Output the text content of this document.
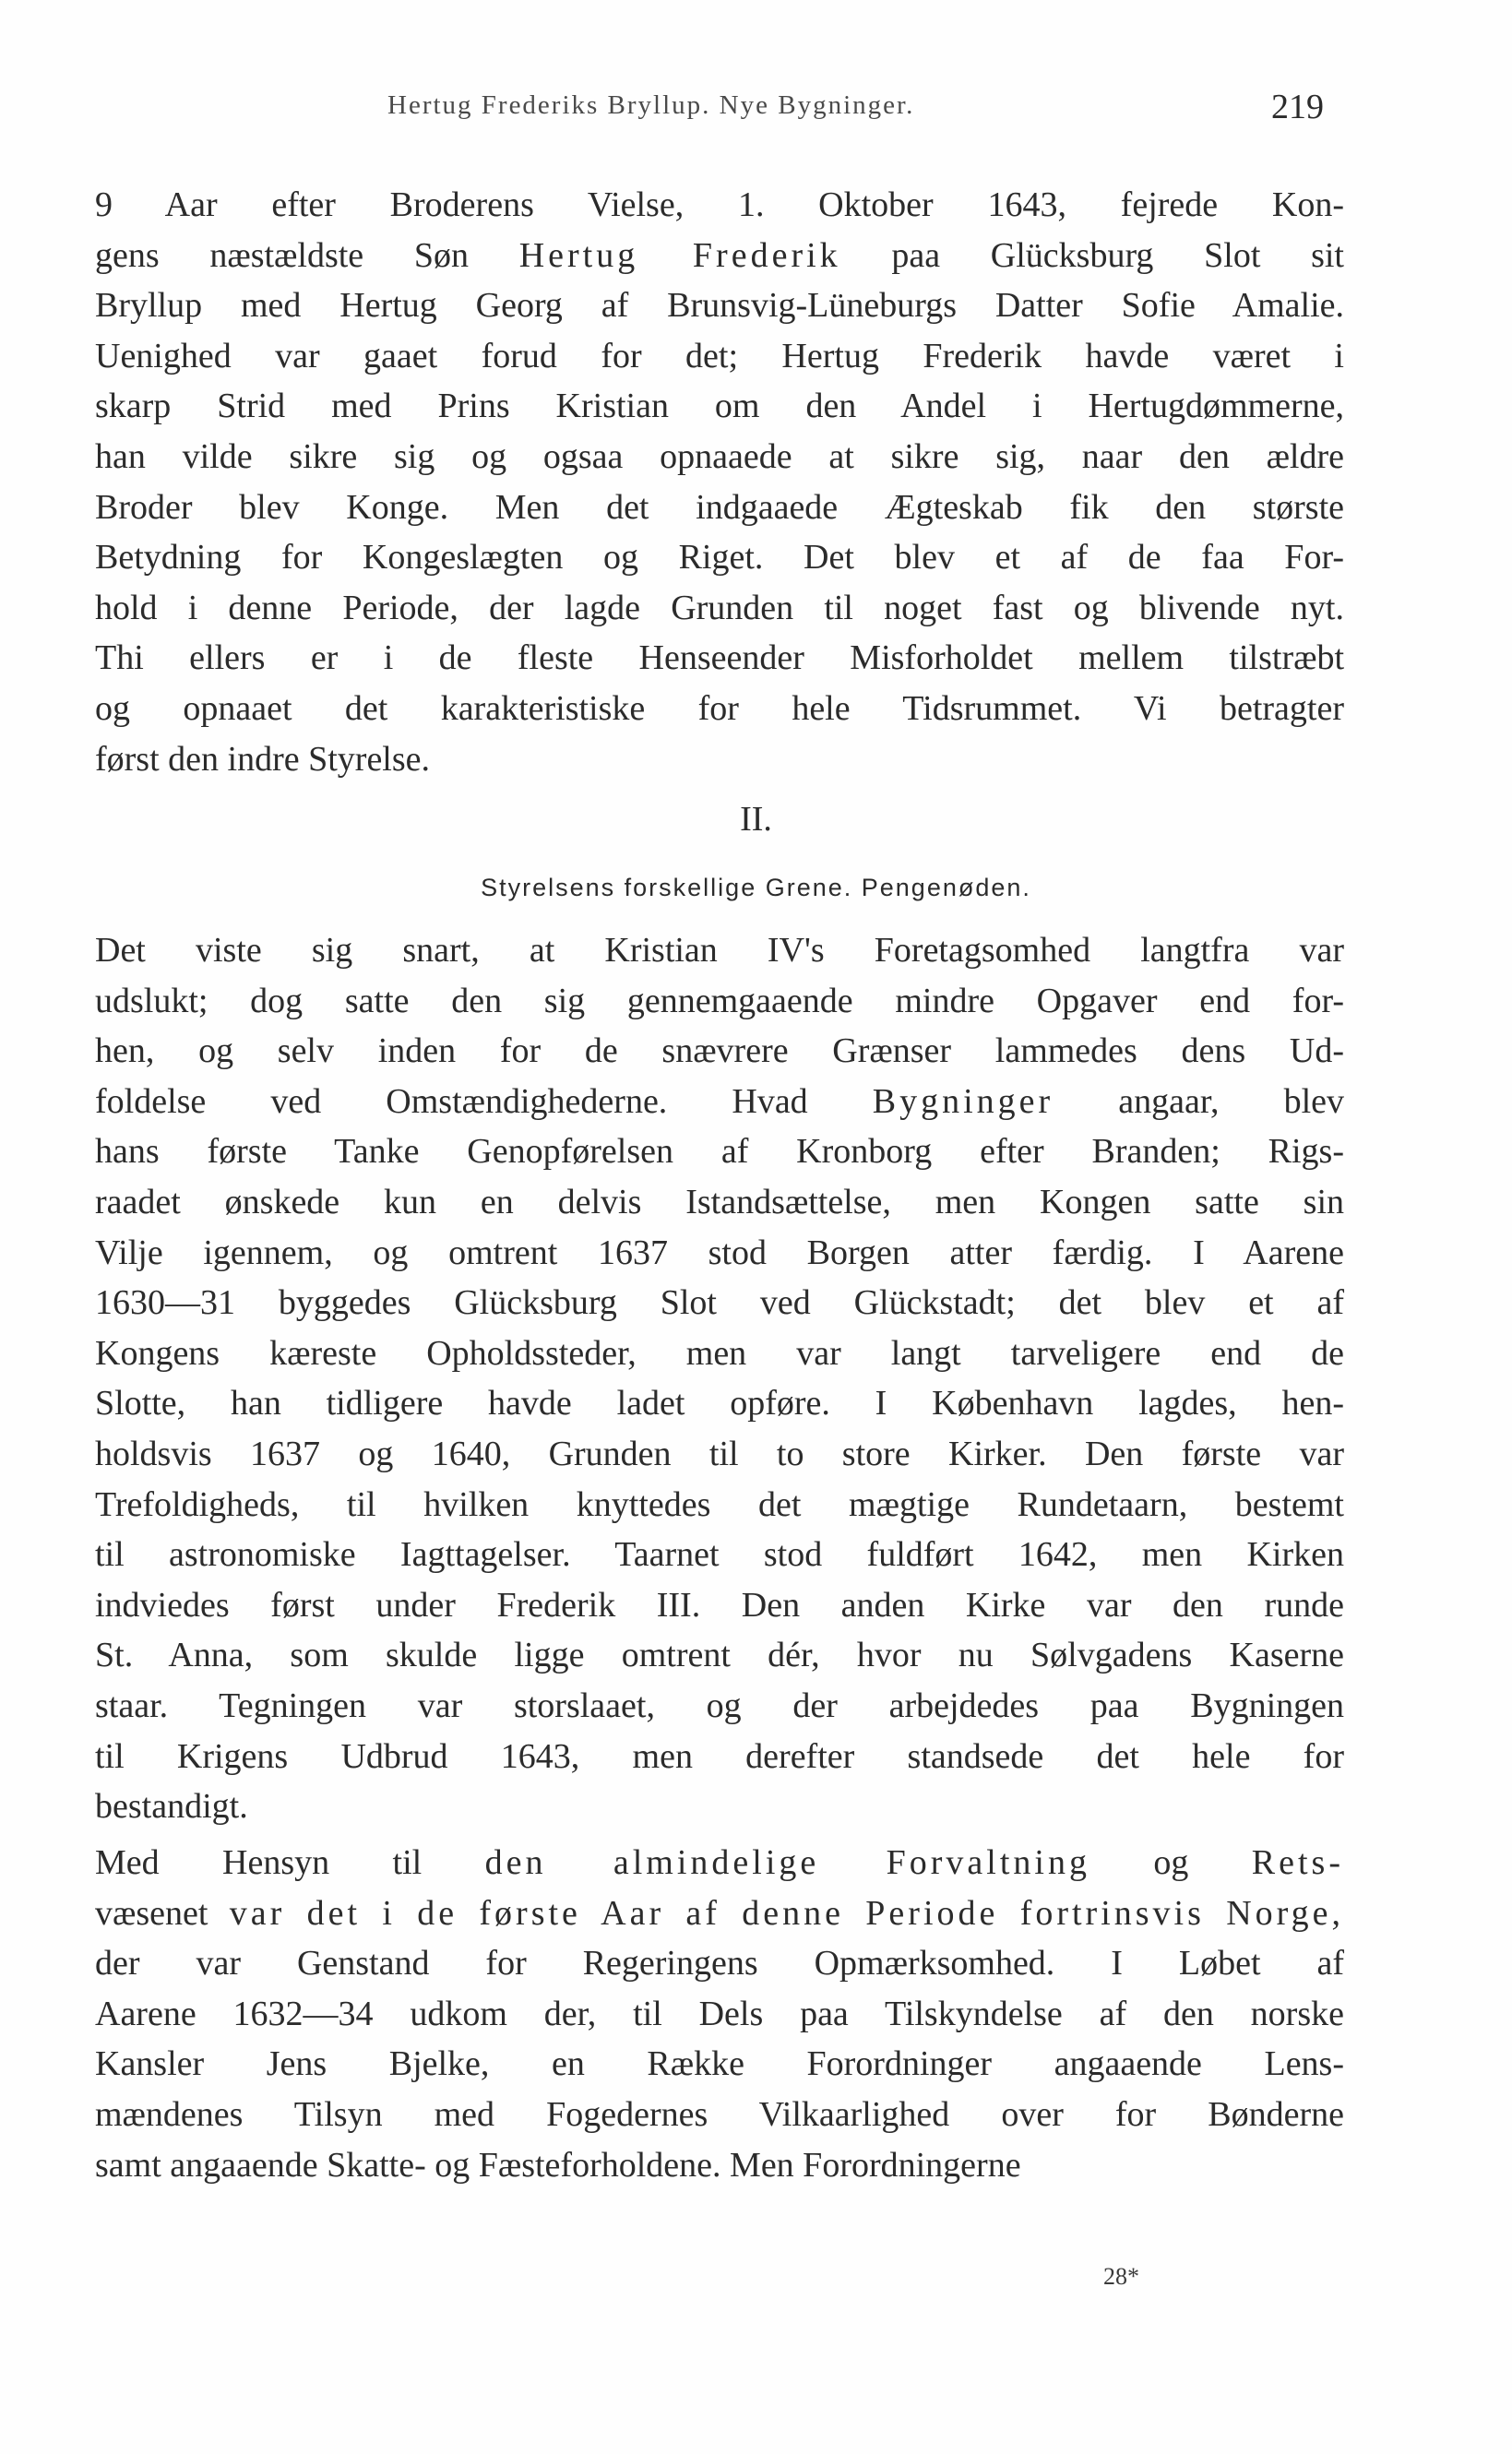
Hertug Frederiks Bryllup. Nye Bygninger.	219
9 Aar efter Broderens Vielse, 1. Oktober 1643, fejrede Kon-
gens næstældste Søn Hertug Frederik paa Glücksburg Slot sit
Bryllup med Hertug Georg af Brunsvig-Lüneburgs Datter Sofie Amalie.
Uenighed var gaaet forud for det; Hertug Frederik havde været i
skarp Strid med Prins Kristian om den Andel i Hertugdømmerne,
han vilde sikre sig og ogsaa opnaaede at sikre sig, naar den ældre
Broder blev Konge. Men det indgaaede Ægteskab fik den største
Betydning for Kongeslægten og Riget. Det blev et af de faa For-
hold i denne Periode, der lagde Grunden til noget fast og blivende nyt.
Thi ellers er i de fleste Henseender Misforholdet mellem tilstræbt
og opnaaet det karakteristiske for hele Tidsrummet. Vi betragter
først den indre Styrelse.
II.
Styrelsens forskellige Grene. Pengenøden.
Det viste sig snart, at Kristian IV's Foretagsomhed langtfra var
udslukt; dog satte den sig gennemgaaende mindre Opgaver end for-
hen, og selv inden for de snævrere Grænser lammedes dens Ud-
foldelse ved Omstændighederne. Hvad Bygninger angaar, blev
hans første Tanke Genopførelsen af Kronborg efter Branden; Rigs-
raadet ønskede kun en delvis Istandsættelse, men Kongen satte sin
Vilje igennem, og omtrent 1637 stod Borgen atter færdig. I Aarene
1630—31 byggedes Glücksburg Slot ved Glückstadt; det blev et af
Kongens kæreste Opholdssteder, men var langt tarveligere end de
Slotte, han tidligere havde ladet opføre. I København lagdes, hen-
holdsvis 1637 og 1640, Grunden til to store Kirker. Den første var
Trefoldigheds, til hvilken knyttedes det mægtige Rundetaarn, bestemt
til astronomiske Iagttagelser. Taarnet stod fuldført 1642, men Kirken
indviedes først under Frederik III. Den anden Kirke var den runde
St. Anna, som skulde ligge omtrent dér, hvor nu Sølvgadens Kaserne
staar. Tegningen var storslaaet, og der arbejdedes paa Bygningen
til Krigens Udbrud 1643, men derefter standsede det hele for
bestandigt.
Med Hensyn til den almindelige Forvaltning og Rets-
væsenet var det i de første Aar af denne Periode fortrinsvis Norge,
der var Genstand for Regeringens Opmærksomhed. I Løbet af
Aarene 1632—34 udkom der, til Dels paa Tilskyndelse af den norske
Kansler Jens Bjelke, en Række Forordninger angaaende Lens-
mændenes Tilsyn med Fogedernes Vilkaarlighed over for Bønderne
samt angaaende Skatte- og Fæsteforholdene. Men Forordningerne
28*
